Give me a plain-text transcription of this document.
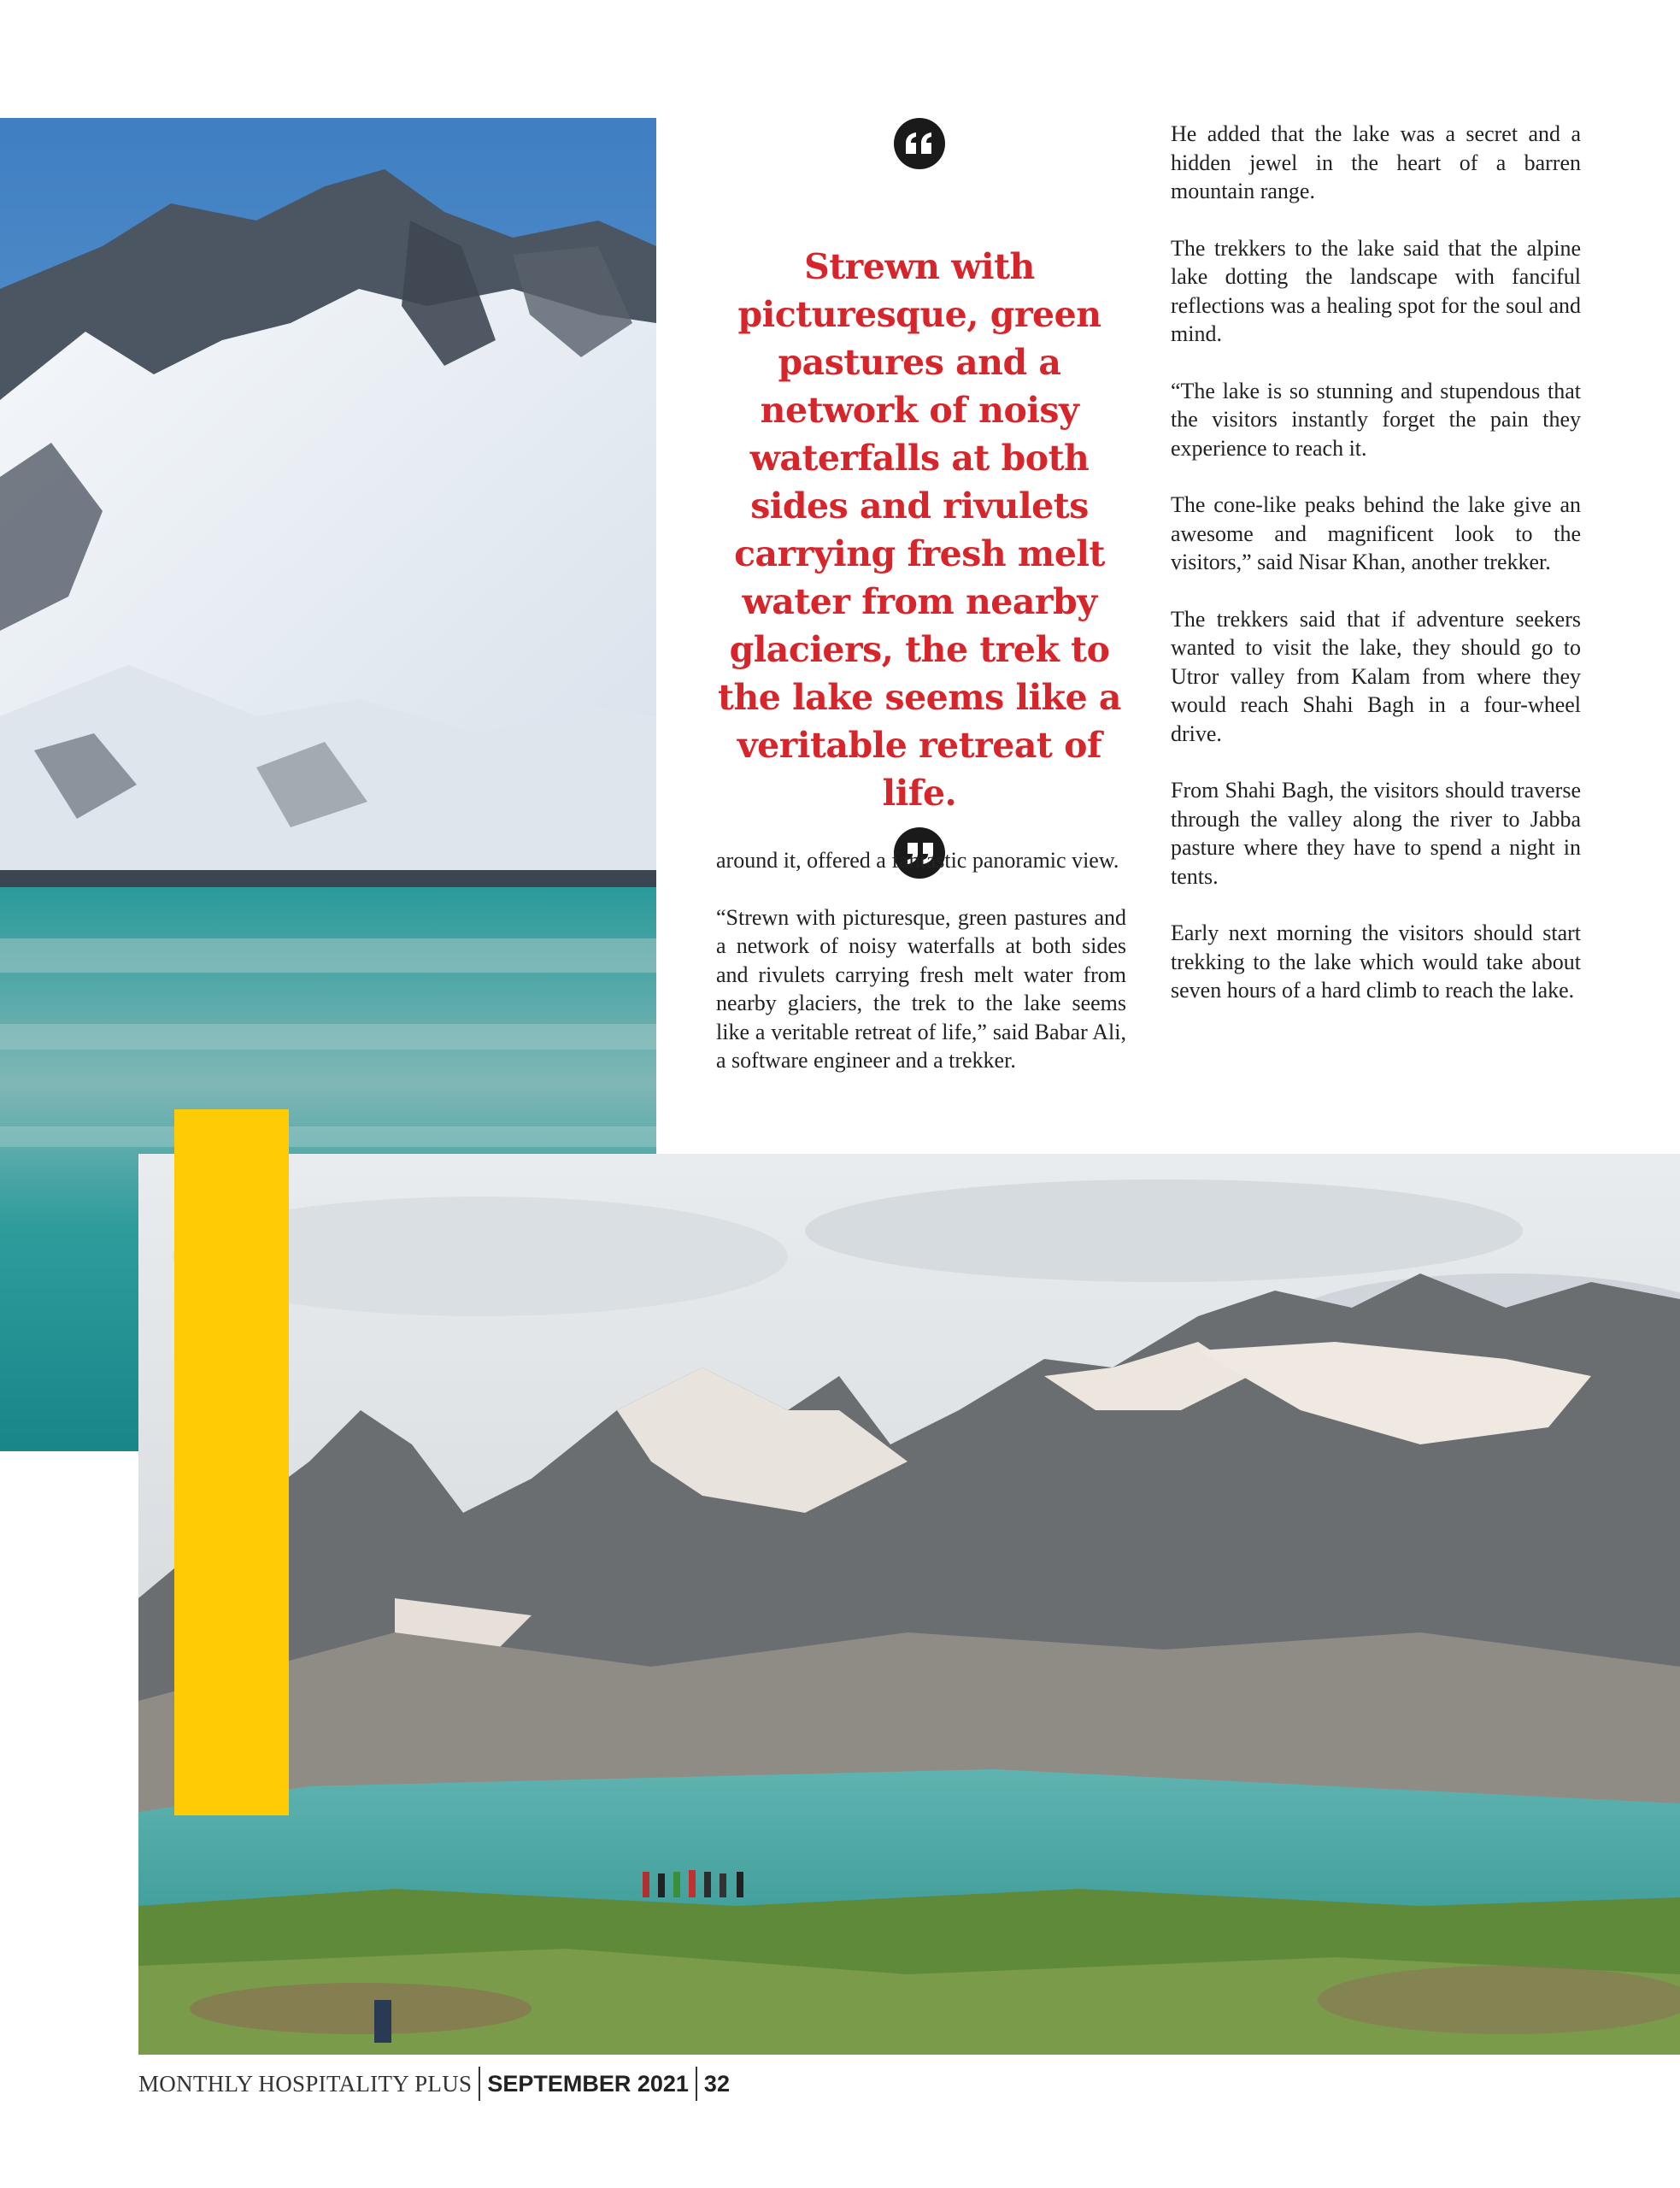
Strewn with picturesque, green pastures and a network of noisy waterfalls at both sides and rivulets carrying fresh melt water from nearby glaciers, the trek to the lake seems like a veritable retreat of life.

around it, offered a fantastic panoramic view.

“Strewn with picturesque, green pastures and a network of noisy waterfalls at both sides and rivulets carrying fresh melt water from nearby glaciers, the trek to the lake seems like a veritable retreat of life,” said Babar Ali, a software engineer and a trekker.

He added that the lake was a secret and a hidden jewel in the heart of a barren mountain range.

The trekkers to the lake said that the alpine lake dotting the landscape with fanciful reflections was a healing spot for the soul and mind.

“The lake is so stunning and stupendous that the visitors instantly forget the pain they experience to reach it.

The cone-like peaks behind the lake give an awesome and magnificent look to the visitors,” said Nisar Khan, another trekker.

The trekkers said that if adventure seekers wanted to visit the lake, they should go to Utror valley from Kalam from where they would reach Shahi Bagh in a four-wheel drive.

From Shahi Bagh, the visitors should traverse through the valley along the river to Jabba pasture where they have to spend a night in tents.

Early next morning the visitors should start trekking to the lake which would take about seven hours of a hard climb to reach the lake.

MONTHLY HOSPITALITY PLUS SEPTEMBER 2021 32
